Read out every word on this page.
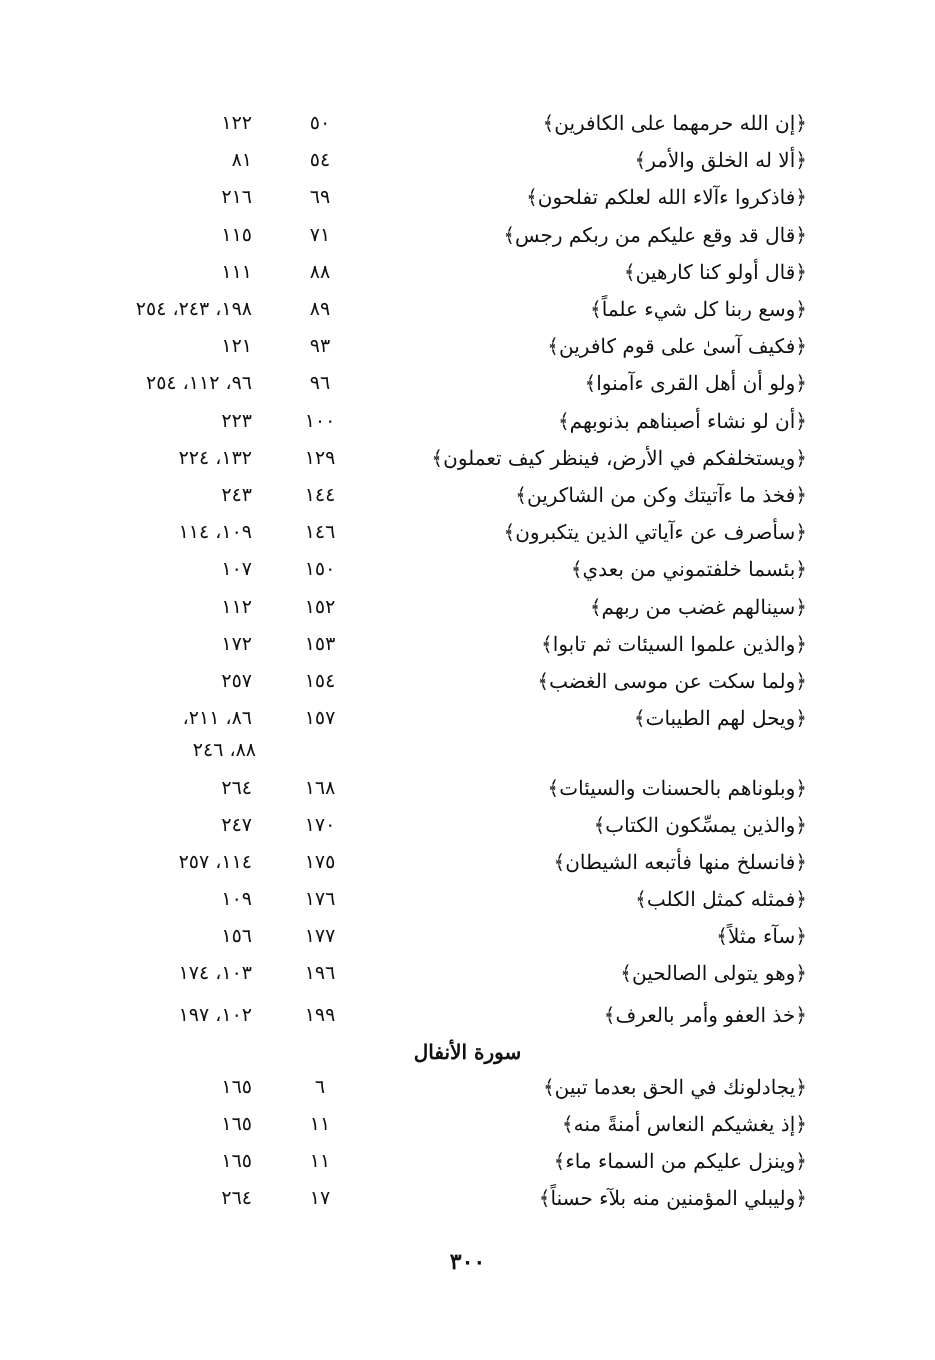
﴿إن الله حرمهما على الكافرين﴾
٥٠
١٢٢
﴿ألا له الخلق والأمر﴾
٥٤
٨١
﴿فاذكروا ءآلاء الله لعلكم تفلحون﴾
٦٩
٢١٦
﴿قال قد وقع عليكم من ربكم رجس﴾
٧١
١١٥
﴿قال أولو كنا كارهين﴾
٨٨
١١١
﴿وسع ربنا كل شيء علماً﴾
٨٩
١٩٨، ٢٤٣، ٢٥٤
﴿فكيف آسىٰ على قوم كافرين﴾
٩٣
١٢١
﴿ولو أن أهل القرى ءآمنوا﴾
٩٦
٩٦، ١١٢، ٢٥٤
﴿أن لو نشاء أصبناهم بذنوبهم﴾
١٠٠
٢٢٣
﴿ويستخلفكم في الأرض، فينظر كيف تعملون﴾
١٢٩
١٣٢، ٢٢٤
﴿فخذ ما ءآتيتك وكن من الشاكرين﴾
١٤٤
٢٤٣
﴿سأصرف عن ءآياتي الذين يتكبرون﴾
١٤٦
١٠٩، ١١٤
﴿بئسما خلفتموني من بعدي﴾
١٥٠
١٠٧
﴿سينالهم غضب من ربهم﴾
١٥٢
١١٢
﴿والذين علموا السيئات ثم تابوا﴾
١٥٣
١٧٢
﴿ولما سكت عن موسى الغضب﴾
١٥٤
٢٥٧
﴿ويحل لهم الطيبات﴾
١٥٧
٨٦، ٢١١،
٨٨، ٢٤٦
﴿وبلوناهم بالحسنات والسيئات﴾
١٦٨
٢٦٤
﴿والذين يمسِّكون الكتاب﴾
١٧٠
٢٤٧
﴿فانسلخ منها فأتبعه الشيطان﴾
١٧٥
١١٤، ٢٥٧
﴿فمثله كمثل الكلب﴾
١٧٦
١٠٩
﴿سآء مثلاً﴾
١٧٧
١٥٦
﴿وهو يتولى الصالحين﴾
١٩٦
١٠٣، ١٧٤
﴿خذ العفو وأمر بالعرف﴾
١٩٩
١٠٢، ١٩٧
سورة الأنفال
﴿يجادلونك في الحق بعدما تبين﴾
٦
١٦٥
﴿إذ يغشيكم النعاس أمنةً منه﴾
١١
١٦٥
﴿وينزل عليكم من السماء ماء﴾
١١
١٦٥
﴿وليبلي المؤمنين منه بلآء حسناً﴾
١٧
٢٦٤
٣٠٠
